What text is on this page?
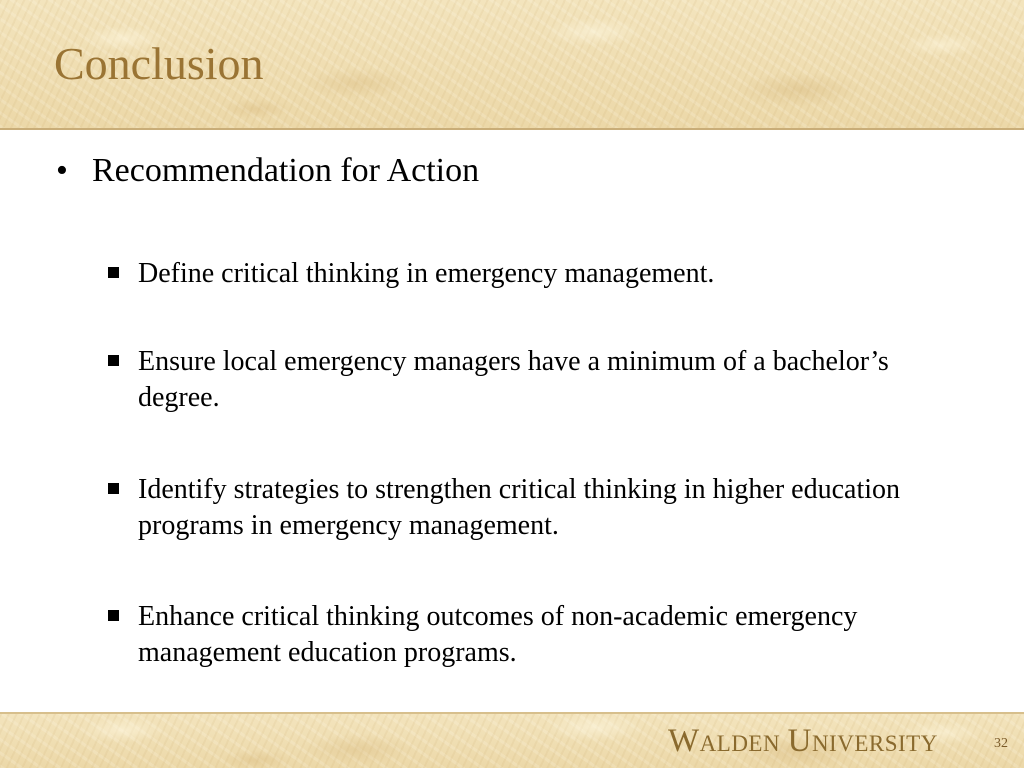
Conclusion
• Recommendation for Action
Define critical thinking in emergency management.
Ensure local emergency managers have a minimum of a bachelor’s degree.
Identify strategies to strengthen critical thinking in higher education programs in emergency management.
Enhance critical thinking outcomes of non-academic emergency management education programs.
WALDEN UNIVERSITY	32
